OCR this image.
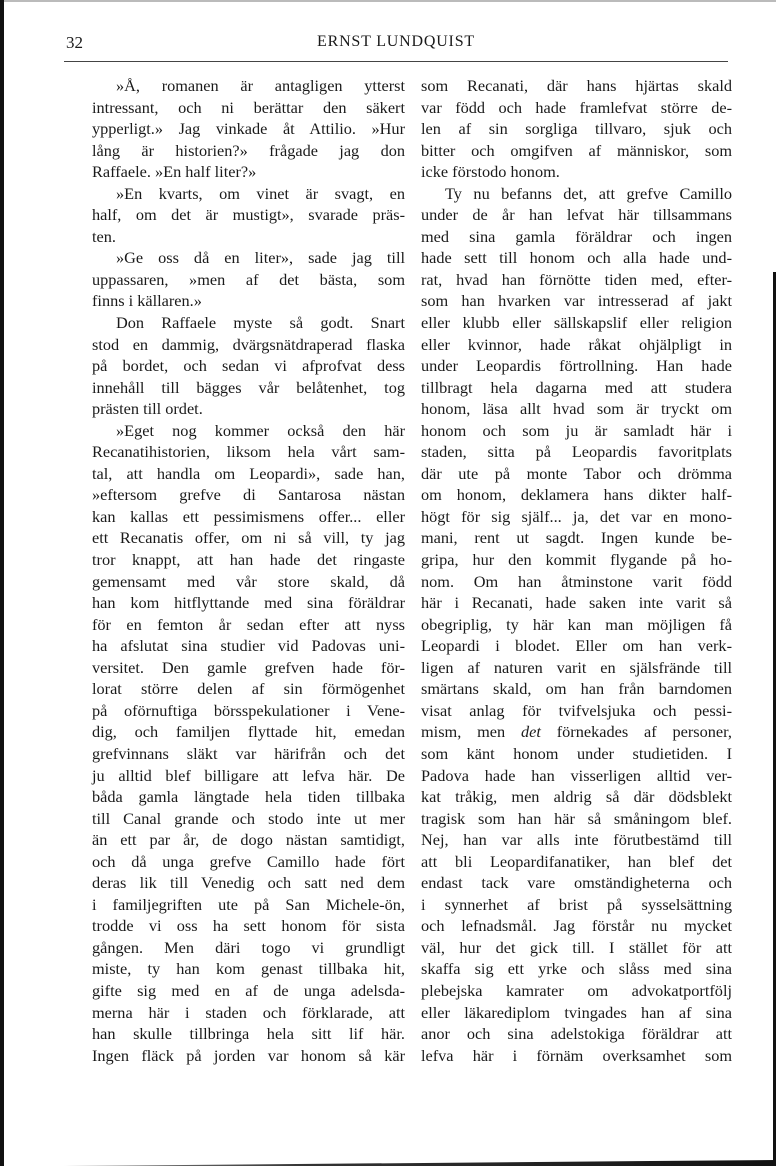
32	ERNST LUNDQUIST
»Å, romanen är antagligen ytterst
intressant, och ni berättar den säkert
ypperligt.» Jag vinkade åt Attilio. »Hur
lång är historien?» frågade jag don
Raffaele. »En half liter?»
»En kvarts, om vinet är svagt, en
half, om det är mustigt», svarade präs-
ten.
»Ge oss då en liter», sade jag till
uppassaren, »men af det bästa, som
finns i källaren.»
Don Raffaele myste så godt. Snart
stod en dammig, dvärgsnätdraperad flaska
på bordet, och sedan vi afprofvat dess
innehåll till bägges vår belåtenhet, tog
prästen till ordet.
»Eget nog kommer också den här
Recanatihistorien, liksom hela vårt sam-
tal, att handla om Leopardi», sade han,
»eftersom grefve di Santarosa nästan
kan kallas ett pessimismens offer... eller
ett Recanatis offer, om ni så vill, ty jag
tror knappt, att han hade det ringaste
gemensamt med vår store skald, då
han kom hitflyttande med sina föräldrar
för en femton år sedan efter att nyss
ha afslutat sina studier vid Padovas uni-
versitet. Den gamle grefven hade för-
lorat större delen af sin förmögenhet
på oförnuftiga börsspekulationer i Vene-
dig, och familjen flyttade hit, emedan
grefvinnans släkt var härifrån och det
ju alltid blef billigare att lefva här. De
båda gamla längtade hela tiden tillbaka
till Canal grande och stodo inte ut mer
än ett par år, de dogo nästan samtidigt,
och då unga grefve Camillo hade fört
deras lik till Venedig och satt ned dem
i familjegriften ute på San Michele-ön,
trodde vi oss ha sett honom för sista
gången. Men däri togo vi grundligt
miste, ty han kom genast tillbaka hit,
gifte sig med en af de unga adelsda-
merna här i staden och förklarade, att
han skulle tillbringa hela sitt lif här.
Ingen fläck på jorden var honom så kär
som Recanati, där hans hjärtas skald
var född och hade framlefvat större de-
len af sin sorgliga tillvaro, sjuk och
bitter och omgifven af människor, som
icke förstodo honom.
Ty nu befanns det, att grefve Camillo
under de år han lefvat här tillsammans
med sina gamla föräldrar och ingen
hade sett till honom och alla hade und-
rat, hvad han förnötte tiden med, efter-
som han hvarken var intresserad af jakt
eller klubb eller sällskapslif eller religion
eller kvinnor, hade råkat ohjälpligt in
under Leopardis förtrollning. Han hade
tillbragt hela dagarna med att studera
honom, läsa allt hvad som är tryckt om
honom och som ju är samladt här i
staden, sitta på Leopardis favoritplats
där ute på monte Tabor och drömma
om honom, deklamera hans dikter half-
högt för sig själf... ja, det var en mono-
mani, rent ut sagdt. Ingen kunde be-
gripa, hur den kommit flygande på ho-
nom. Om han åtminstone varit född
här i Recanati, hade saken inte varit så
obegriplig, ty här kan man möjligen få
Leopardi i blodet. Eller om han verk-
ligen af naturen varit en själsfrände till
smärtans skald, om han från barndomen
visat anlag för tvifvelsjuka och pessi-
mism, men det förnekades af personer,
som känt honom under studietiden. I
Padova hade han visserligen alltid ver-
kat tråkig, men aldrig så där dödsblekt
tragisk som han här så småningom blef.
Nej, han var alls inte förutbestämd till
att bli Leopardifanatiker, han blef det
endast tack vare omständigheterna och
i synnerhet af brist på sysselsättning
och lefnadsmål. Jag förstår nu mycket
väl, hur det gick till. I stället för att
skaffa sig ett yrke och slåss med sina
plebejska kamrater om advokatportfölj
eller läkarediplom tvingades han af sina
anor och sina adelstokiga föräldrar att
lefva här i förnäm overksamhet som
